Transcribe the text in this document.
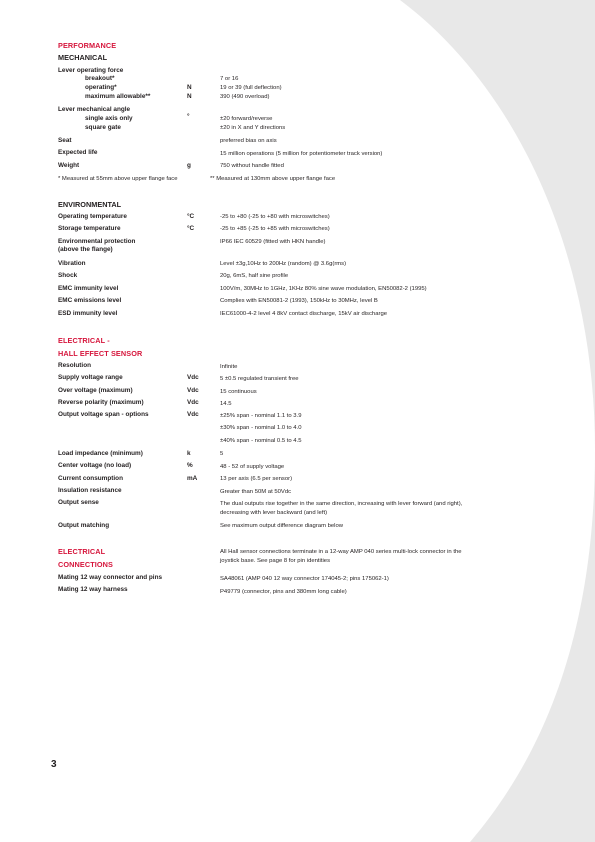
PERFORMANCE
MECHANICAL
Lever operating force
breakout*	7 or 16
operating*	N	19 or 39 (full deflection)
maximum allowable**	N	390 (490 overload)
Lever mechanical angle
single axis only	°	±20 forward/reverse
square gate	±20 in X and Y directions
Seat	preferred bias on axis
Expected life	15 million operations (5 million for potentiometer track version)
Weight	g	750 without handle fitted
* Measured at 55mm above upper flange face	** Measured at 130mm above upper flange face
ENVIRONMENTAL
Operating temperature	°C	-25 to +80 (-25 to +80 with microswitches)
Storage temperature	°C	-25 to +85 (-25 to +85 with microswitches)
Environmental protection	IP66 IEC 60529 (fitted with HKN handle)
(above the flange)
Vibration	Level ±3g,10Hz to 200Hz (random) @ 3.6g(rms)
Shock	20g, 6mS, half sine profile
EMC immunity level	100V/m, 30MHz to 1GHz, 1KHz 80% sine wave modulation, EN50082-2 (1995)
EMC emissions level	Complies with EN50081-2 (1993), 150kHz to 30MHz, level B
ESD immunity level	IEC61000-4-2 level 4 8kV contact discharge, 15kV air discharge
ELECTRICAL -
HALL EFFECT SENSOR
Resolution	Infinite
Supply voltage range	Vdc	5 ±0.5 regulated transient free
Over voltage (maximum)	Vdc	15 continuous
Reverse polarity (maximum)	Vdc	14.5
Output voltage span - options	Vdc	±25% span - nominal 1.1 to 3.9
±30% span - nominal 1.0 to 4.0
±40% span - nominal 0.5 to 4.5
Load impedance (minimum)	k	5
Center voltage (no load)	%	48 - 52 of supply voltage
Current consumption	mA	13 per axis (6.5 per sensor)
Insulation resistance	Greater than 50M at 50Vdc
Output sense	The dual outputs rise together in the same direction, increasing with lever forward (and right),
decreasing with lever backward (and left)
Output matching	See maximum output difference diagram below
ELECTRICAL
CONNECTIONS
All Hall sensor connections terminate in a 12-way AMP 040 series multi-lock connector in the
joystick base. See page 8 for pin identities
Mating 12 way connector and pins	SA48061 (AMP 040 12 way connector 174045-2; pins 175062-1)
Mating 12 way harness	P49779 (connector, pins and 380mm long cable)
3
